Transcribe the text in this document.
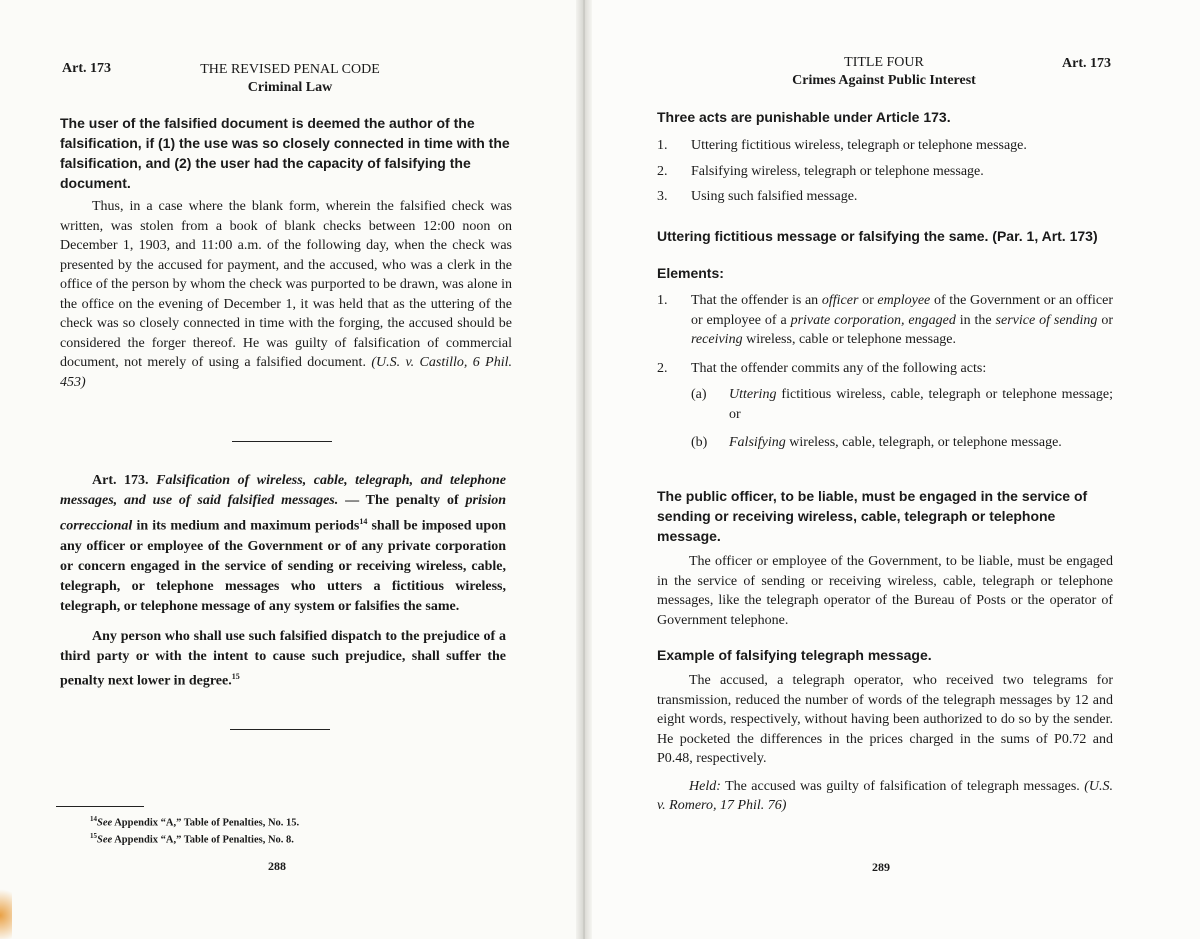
Art. 173	THE REVISED PENAL CODE
Criminal Law
The user of the falsified document is deemed the author of the falsification, if (1) the use was so closely connected in time with the falsification, and (2) the user had the capacity of falsifying the document.

Thus, in a case where the blank form, wherein the falsified check was written, was stolen from a book of blank checks between 12:00 noon on December 1, 1903, and 11:00 a.m. of the following day, when the check was presented by the accused for payment, and the accused, who was a clerk in the office of the person by whom the check was purported to be drawn, was alone in the office on the evening of December 1, it was held that as the uttering of the check was so closely connected in time with the forging, the accused should be considered the forger thereof. He was guilty of falsification of commercial document, not merely of using a falsified document. (U.S. v. Castillo, 6 Phil. 453)

Art. 173. Falsification of wireless, cable, telegraph, and telephone messages, and use of said falsified messages. — The penalty of prision correccional in its medium and maximum periods$^{14}$ shall be imposed upon any officer or employee of the Government or of any private corporation or concern engaged in the service of sending or receiving wireless, cable, telegraph, or telephone messages who utters a fictitious wireless, telegraph, or telephone message of any system or falsifies the same.

Any person who shall use such falsified dispatch to the prejudice of a third party or with the intent to cause such prejudice, shall suffer the penalty next lower in degree.$^{15}$

$^{14}$See Appendix “A,” Table of Penalties, No. 15.
$^{15}$See Appendix “A,” Table of Penalties, No. 8.
288
TITLE FOUR
Crimes Against Public Interest
Art. 173
Three acts are punishable under Article 173.
1. Uttering fictitious wireless, telegraph or telephone message.
2. Falsifying wireless, telegraph or telephone message.
3. Using such falsified message.
Uttering fictitious message or falsifying the same. (Par. 1, Art. 173)
Elements:
1. That the offender is an officer or employee of the Government or an officer or employee of a private corporation, engaged in the service of sending or receiving wireless, cable or telephone message.
2. That the offender commits any of the following acts:
(a) Uttering fictitious wireless, cable, telegraph or telephone message; or
(b) Falsifying wireless, cable, telegraph, or telephone message.
The public officer, to be liable, must be engaged in the service of sending or receiving wireless, cable, telegraph or telephone message.

The officer or employee of the Government, to be liable, must be engaged in the service of sending or receiving wireless, cable, telegraph or telephone messages, like the telegraph operator of the Bureau of Posts or the operator of Government telephone.

Example of falsifying telegraph message.

The accused, a telegraph operator, who received two telegrams for transmission, reduced the number of words of the telegraph messages by 12 and eight words, respectively, without having been authorized to do so by the sender. He pocketed the differences in the prices charged in the sums of P0.72 and P0.48, respectively.

Held: The accused was guilty of falsification of telegraph messages. (U.S. v. Romero, 17 Phil. 76)

289
